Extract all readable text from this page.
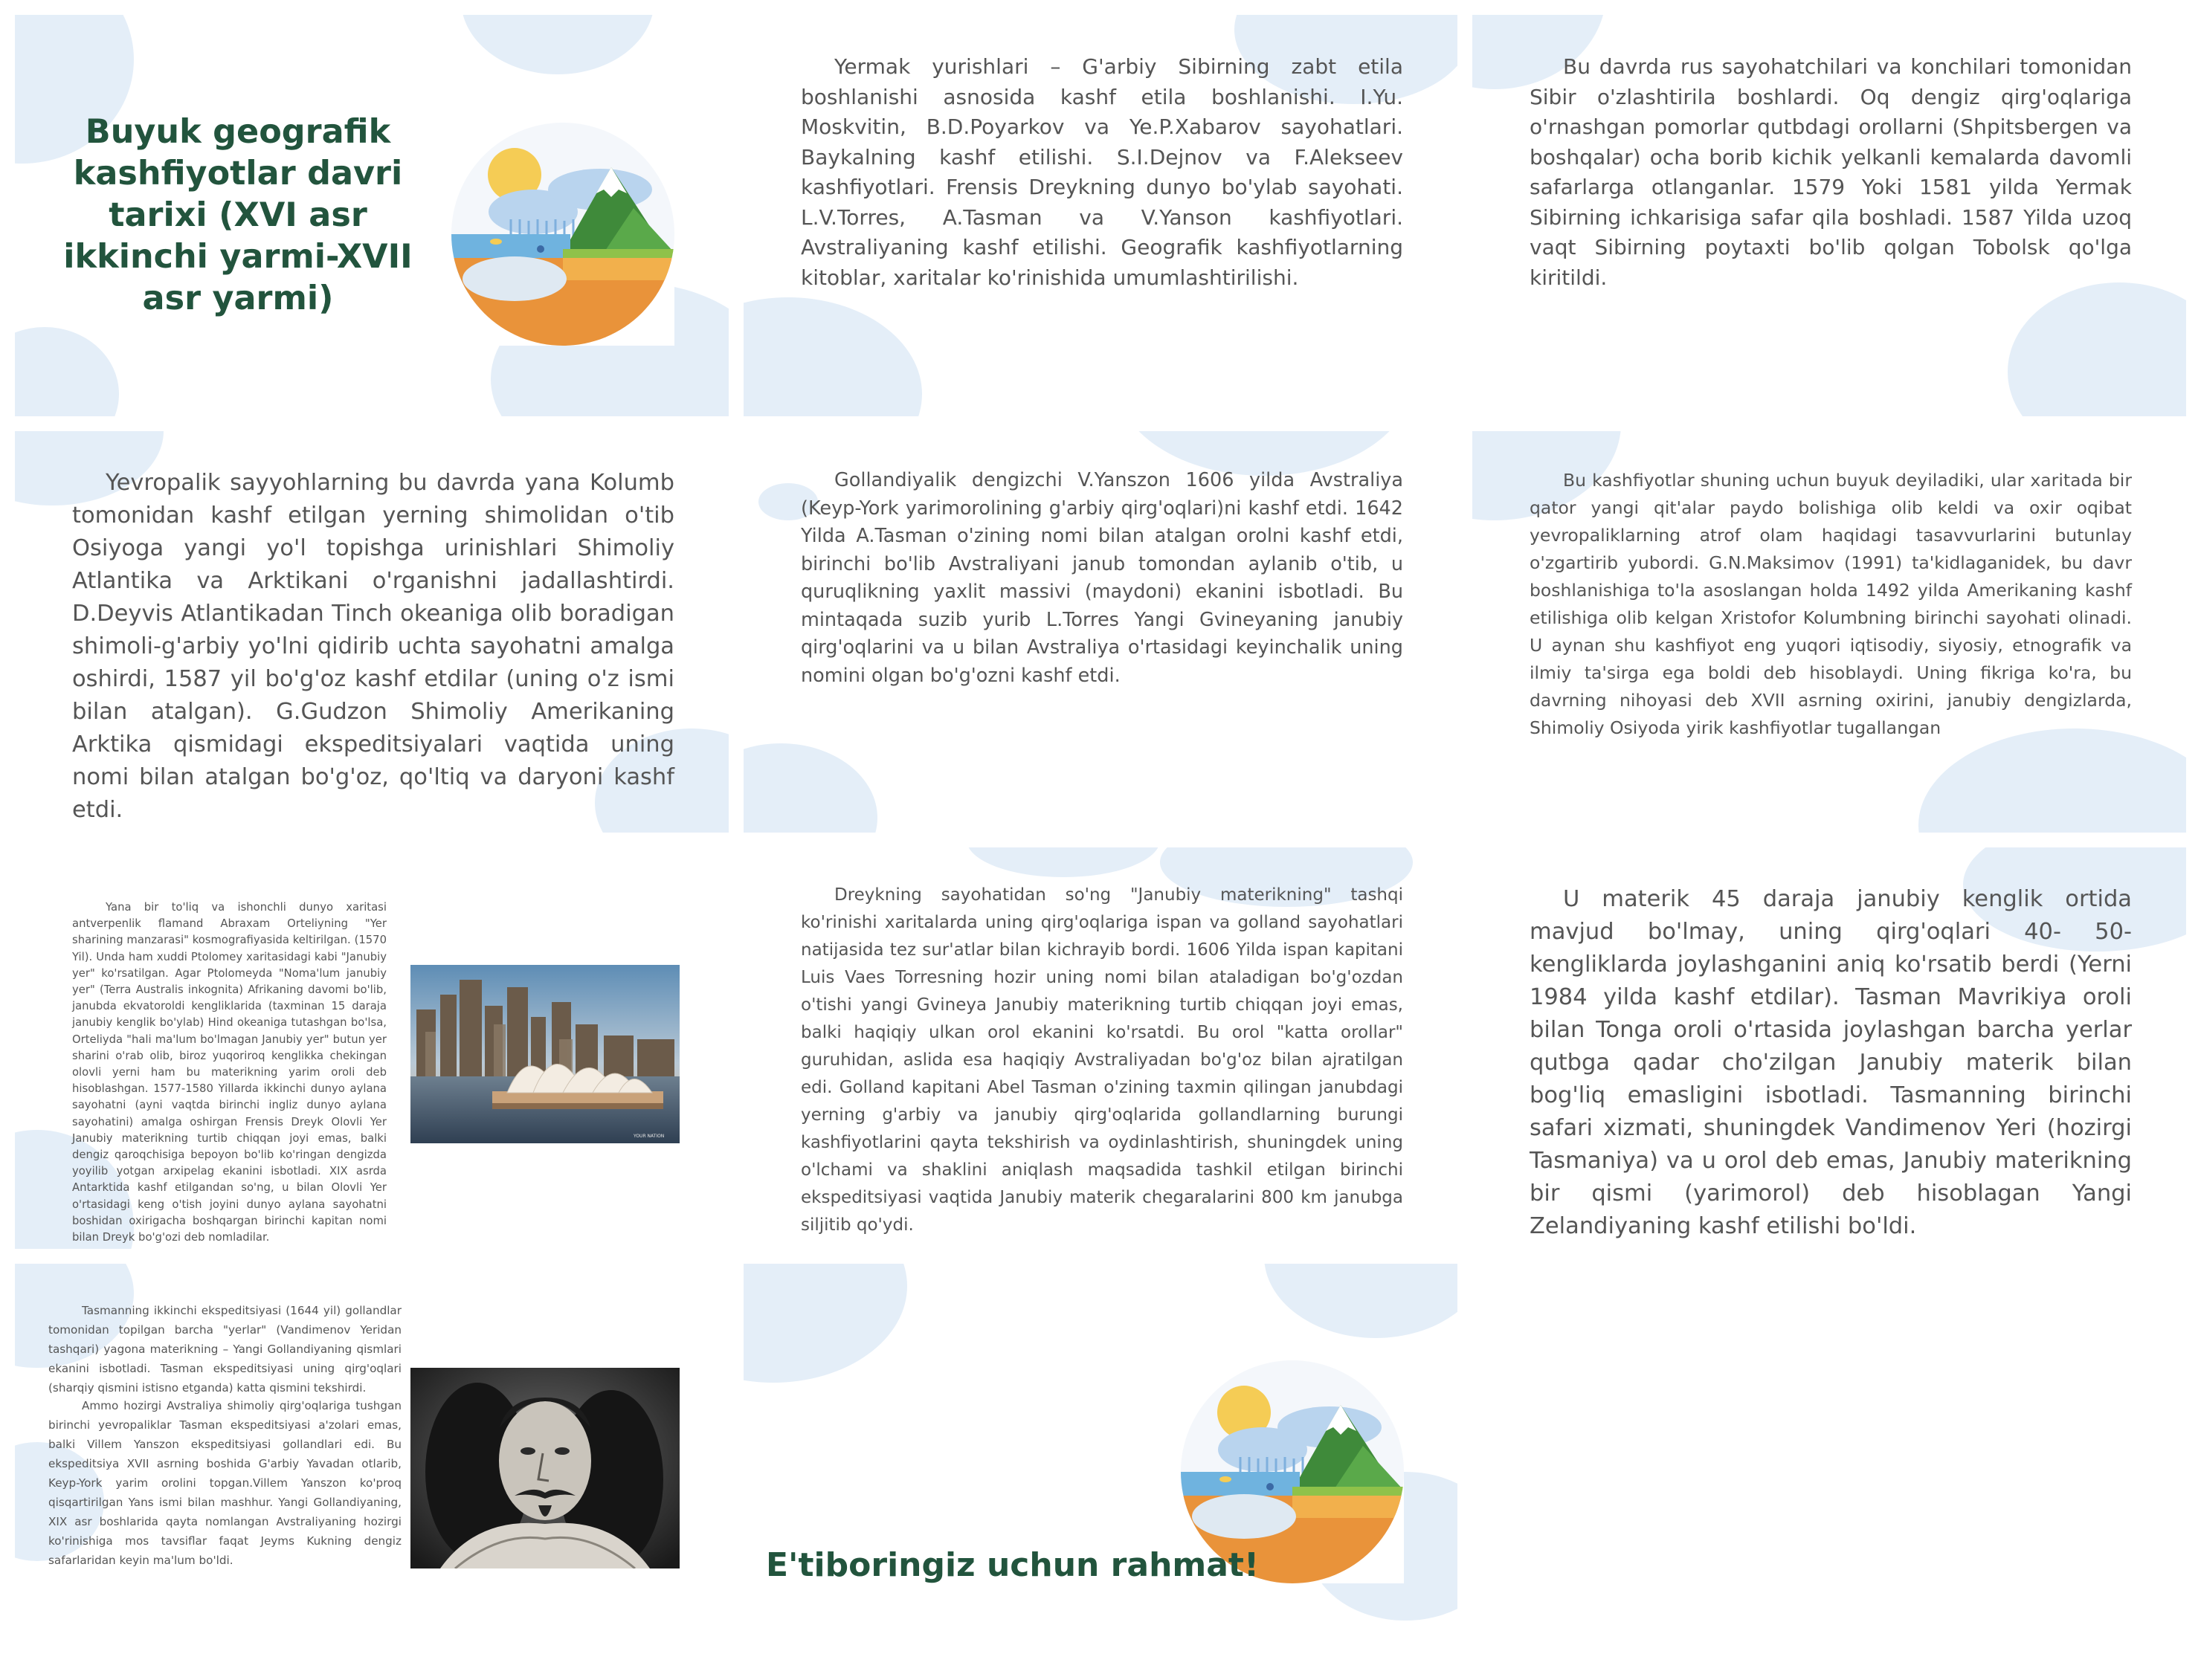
Buyuk geografik kashfiyotlar davri tarixi (XVI asr ikkinchi yarmi-XVII asr yarmi)

Yermak yurishlari – G'arbiy Sibirning zabt etila boshlanishi asnosida kashf etila boshlanishi. I.Yu. Moskvitin, B.D.Poyarkov va Ye.P.Xabarov sayohatlari. Baykalning kashf etilishi. S.I.Dejnov va F.Alekseev kashfiyotlari. Frensis Dreykning dunyo bo'ylab sayohati. L.V.Torres, A.Tasman va V.Yanson kashfiyotlari. Avstraliyaning kashf etilishi. Geografik kashfiyotlarning kitoblar, xaritalar ko'rinishida umumlashtirilishi.

Bu davrda rus sayohatchilari va konchilari tomonidan Sibir o'zlashtirila boshlardi. Oq dengiz qirg'oqlariga o'rnashgan pomorlar qutbdagi orollarni (Shpitsbergen va boshqalar) ocha borib kichik yelkanli kemalarda davomli safarlarga otlanganlar. 1579 Yoki 1581 yilda Yermak Sibirning ichkarisiga safar qila boshladi. 1587 Yilda uzoq vaqt Sibirning poytaxti bo'lib qolgan Tobolsk qo'lga kiritildi.

Yevropalik sayyohlarning bu davrda yana Kolumb tomonidan kashf etilgan yerning shimolidan o'tib Osiyoga yangi yo'l topishga urinishlari Shimoliy Atlantika va Arktikani o'rganishni jadallashtirdi. D.Deyvis Atlantikadan Tinch okeaniga olib boradigan shimoli-g'arbiy yo'lni qidirib uchta sayohatni amalga oshirdi, 1587 yil bo'g'oz kashf etdilar (uning o'z ismi bilan atalgan). G.Gudzon Shimoliy Amerikaning Arktika qismidagi ekspeditsiyalari vaqtida uning nomi bilan atalgan bo'g'oz, qo'ltiq va daryoni kashf etdi.

Gollandiyalik dengizchi V.Yanszon 1606 yilda Avstraliya (Keyp-York yarimorolining g'arbiy qirg'oqlari)ni kashf etdi. 1642 Yilda A.Tasman o'zining nomi bilan atalgan orolni kashf etdi, birinchi bo'lib Avstraliyani janub tomondan aylanib o'tib, u quruqlikning yaxlit massivi (maydoni) ekanini isbotladi. Bu mintaqada suzib yurib L.Torres Yangi Gvineyaning janubiy qirg'oqlarini va u bilan Avstraliya o'rtasidagi keyinchalik uning nomini olgan bo'g'ozni kashf etdi.

Bu kashfiyotlar shuning uchun buyuk deyiladiki, ular xaritada bir qator yangi qit'alar paydo bolishiga olib keldi va oxir oqibat yevropaliklarning atrof olam haqidagi tasavvurlarini butunlay o'zgartirib yubordi. G.N.Maksimov (1991) ta'kidlaganidek, bu davr boshlanishiga to'la asoslangan holda 1492 yilda Amerikaning kashf etilishiga olib kelgan Xristofor Kolumbning birinchi sayohati olinadi. U aynan shu kashfiyot eng yuqori iqtisodiy, siyosiy, etnografik va ilmiy ta'sirga ega boldi deb hisoblaydi. Uning fikriga ko'ra, bu davrning nihoyasi deb XVII asrning oxirini, janubiy dengizlarda, Shimoliy Osiyoda yirik kashfiyotlar tugallangan

Yana bir to'liq va ishonchli dunyo xaritasi antverpenlik flamand Abraxam Orteliyning "Yer sharining manzarasi" kosmografiyasida keltirilgan. (1570 Yil). Unda ham xuddi Ptolomey xaritasidagi kabi "Janubiy yer" ko'rsatilgan. Agar Ptolomeyda "Noma'lum janubiy yer" (Terra Australis inkognita) Afrikaning davomi bo'lib, janubda ekvatoroldi kengliklarida (taxminan 15 daraja janubiy kenglik bo'ylab) Hind okeaniga tutashgan bo'lsa, Orteliyda "hali ma'lum bo'lmagan Janubiy yer" butun yer sharini o'rab olib, biroz yuqoriroq kenglikka chekingan olovli yerni ham bu materikning yarim oroli deb hisoblashgan. 1577-1580 Yillarda ikkinchi dunyo aylana sayohatni (ayni vaqtda birinchi ingliz dunyo aylana sayohatini) amalga oshirgan Frensis Dreyk Olovli Yer Janubiy materikning turtib chiqqan joyi emas, balki dengiz qaroqchisiga bepoyon bo'lib ko'ringan dengizda yoyilib yotgan arxipelag ekanini isbotladi. XIX asrda Antarktida kashf etilgandan so'ng, u bilan Olovli Yer o'rtasidagi keng o'tish joyini dunyo aylana sayohatni boshidan oxirigacha boshqargan birinchi kapitan nomi bilan Dreyk bo'g'ozi deb nomladilar.

YOUR NATION

Dreykning sayohatidan so'ng "Janubiy materikning" tashqi ko'rinishi xaritalarda uning qirg'oqlariga ispan va golland sayohatlari natijasida tez sur'atlar bilan kichrayib bordi. 1606 Yilda ispan kapitani Luis Vaes Torresning hozir uning nomi bilan ataladigan bo'g'ozdan o'tishi yangi Gvineya Janubiy materikning turtib chiqqan joyi emas, balki haqiqiy ulkan orol ekanini ko'rsatdi. Bu orol "katta orollar" guruhidan, aslida esa haqiqiy Avstraliyadan bo'g'oz bilan ajratilgan edi. Golland kapitani Abel Tasman o'zining taxmin qilingan janubdagi yerning g'arbiy va janubiy qirg'oqlarida gollandlarning burungi kashfiyotlarini qayta tekshirish va oydinlashtirish, shuningdek uning o'lchami va shaklini aniqlash maqsadida tashkil etilgan birinchi ekspeditsiyasi vaqtida Janubiy materik chegaralarini 800 km janubga siljitib qo'ydi.

U materik 45 daraja janubiy kenglik ortida mavjud bo'lmay, uning qirg'oqlari 40- 50- kengliklarda joylashganini aniq ko'rsatib berdi (Yerni 1984 yilda kashf etdilar). Tasman Mavrikiya oroli bilan Tonga oroli o'rtasida joylashgan barcha yerlar qutbga qadar cho'zilgan Janubiy materik bilan bog'liq emasligini isbotladi. Tasmanning birinchi safari xizmati, shuningdek Vandimenov Yeri (hozirgi Tasmaniya) va u orol deb emas, Janubiy materikning bir qismi (yarimorol) deb hisoblagan Yangi Zelandiyaning kashf etilishi bo'ldi.

Tasmanning ikkinchi ekspeditsiyasi (1644 yil) gollandlar tomonidan topilgan barcha "yerlar" (Vandimenov Yeridan tashqari) yagona materikning – Yangi Gollandiyaning qismlari ekanini isbotladi. Tasman ekspeditsiyasi uning qirg'oqlari (sharqiy qismini istisno etganda) katta qismini tekshirdi.

Ammo hozirgi Avstraliya shimoliy qirg'oqlariga tushgan birinchi yevropaliklar Tasman ekspeditsiyasi a'zolari emas, balki Villem Yanszon ekspeditsiyasi gollandlari edi. Bu ekspeditsiya XVII asrning boshida G'arbiy Yavadan otlarib, Keyp-York yarim orolini topgan.Villem Yanszon ko'proq qisqartirilgan Yans ismi bilan mashhur. Yangi Gollandiyaning, XIX asr boshlarida qayta nomlangan Avstraliyaning hozirgi ko'rinishiga mos tavsiflar faqat Jeyms Kukning dengiz safarlaridan keyin ma'lum bo'ldi.	E'tiboringiz uchun rahmat!
